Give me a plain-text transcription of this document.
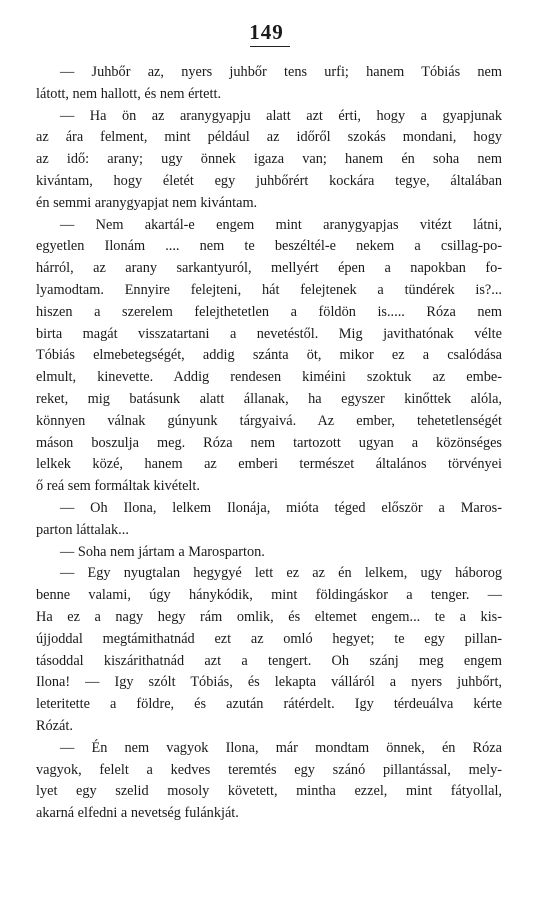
149
— Juhbőr az, nyers juhbőr tens urfi; hanem Tóbiás nem
látott, nem hallott, és nem értett.
— Ha ön az aranygyapju alatt azt érti, hogy a gyapjunak
az ára felment, mint például az időről szokás mondani, hogy
az idő: arany; ugy önnek igaza van; hanem én soha nem
kivántam, hogy életét egy juhbőrért kockára tegye, általában
én semmi aranygyapjat nem kivántam.
— Nem akartál-e engem mint aranygyapjas vitézt látni,
egyetlen Ilonám .... nem te beszéltél-e nekem a csillag-po-
hárról, az arany sarkantyuról, mellyért épen a napokban fo-
lyamodtam. Ennyire felejteni, hát felejtenek a tündérek is?...
hiszen a szerelem felejthetetlen a földön is..... Róza nem
birta magát visszatartani a nevetéstől. Mig javithatónak vélte
Tóbiás elmebetegségét, addig szánta öt, mikor ez a csalódása
elmult, kinevette. Addig rendesen kiméini szoktuk az embe-
reket, mig batásunk alatt állanak, ha egyszer kinőttek alóla,
könnyen válnak gúnyunk tárgyaivá. Az ember, tehetetlenségét
máson boszulja meg. Róza nem tartozott ugyan a közönséges
lelkek közé, hanem az emberi természet általános törvényei
ő reá sem formáltak kivételt.
— Oh Ilona, lelkem Ilonája, mióta téged először a Maros-
parton láttalak...
— Soha nem jártam a Marosparton.
— Egy nyugtalan hegygyé lett ez az én lelkem, ugy háborog
benne valami, úgy hánykódik, mint földingáskor a tenger. —
Ha ez a nagy hegy rám omlik, és eltemet engem... te a kis-
újjoddal megtámithatnád ezt az omló hegyet; te egy pillan-
tásoddal kiszárithatnád azt a tengert. Oh szánj meg engem
Ilona! — Igy szólt Tóbiás, és lekapta válláról a nyers juhbőrt,
leteritette a földre, és azután rátérdelt. Igy térdeuálva kérte
Rózát.
— Én nem vagyok Ilona, már mondtam önnek, én Róza
vagyok, felelt a kedves teremtés egy szánó pillantással, mely-
lyet egy szelid mosoly követett, mintha ezzel, mint fátyollal,
akarná elfedni a nevetség fulánkját.
